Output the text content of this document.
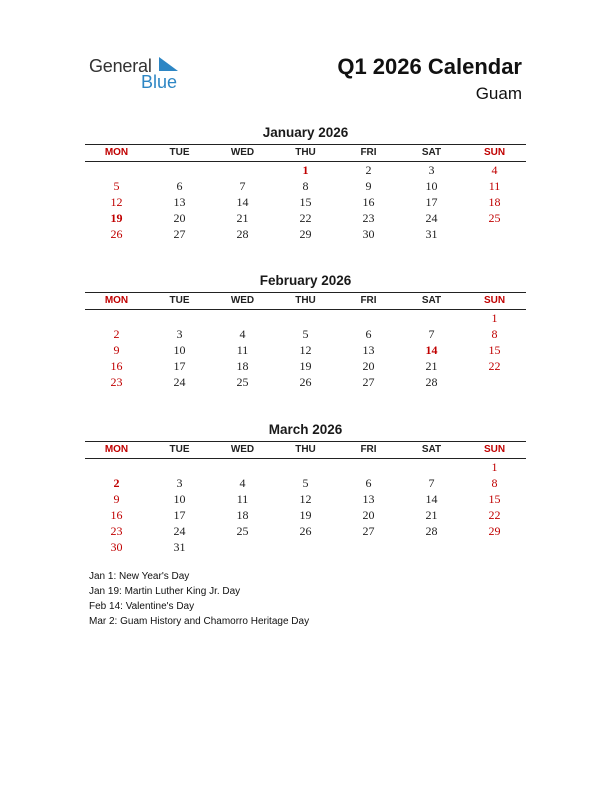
General
Blue
Q1 2026 Calendar
Guam
January 2026
MON	TUE	WED	THU	FRI	SAT	SUN
			1	2	3	4
5	6	7	8	9	10	11
12	13	14	15	16	17	18
19	20	21	22	23	24	25
26	27	28	29	30	31	
February 2026
MON	TUE	WED	THU	FRI	SAT	SUN
						1
2	3	4	5	6	7	8
9	10	11	12	13	14	15
16	17	18	19	20	21	22
23	24	25	26	27	28	
March 2026
MON	TUE	WED	THU	FRI	SAT	SUN
						1
2	3	4	5	6	7	8
9	10	11	12	13	14	15
16	17	18	19	20	21	22
23	24	25	26	27	28	29
30	31					
Jan 1: New Year's Day
Jan 19: Martin Luther King Jr. Day
Feb 14: Valentine's Day
Mar 2: Guam History and Chamorro Heritage Day
